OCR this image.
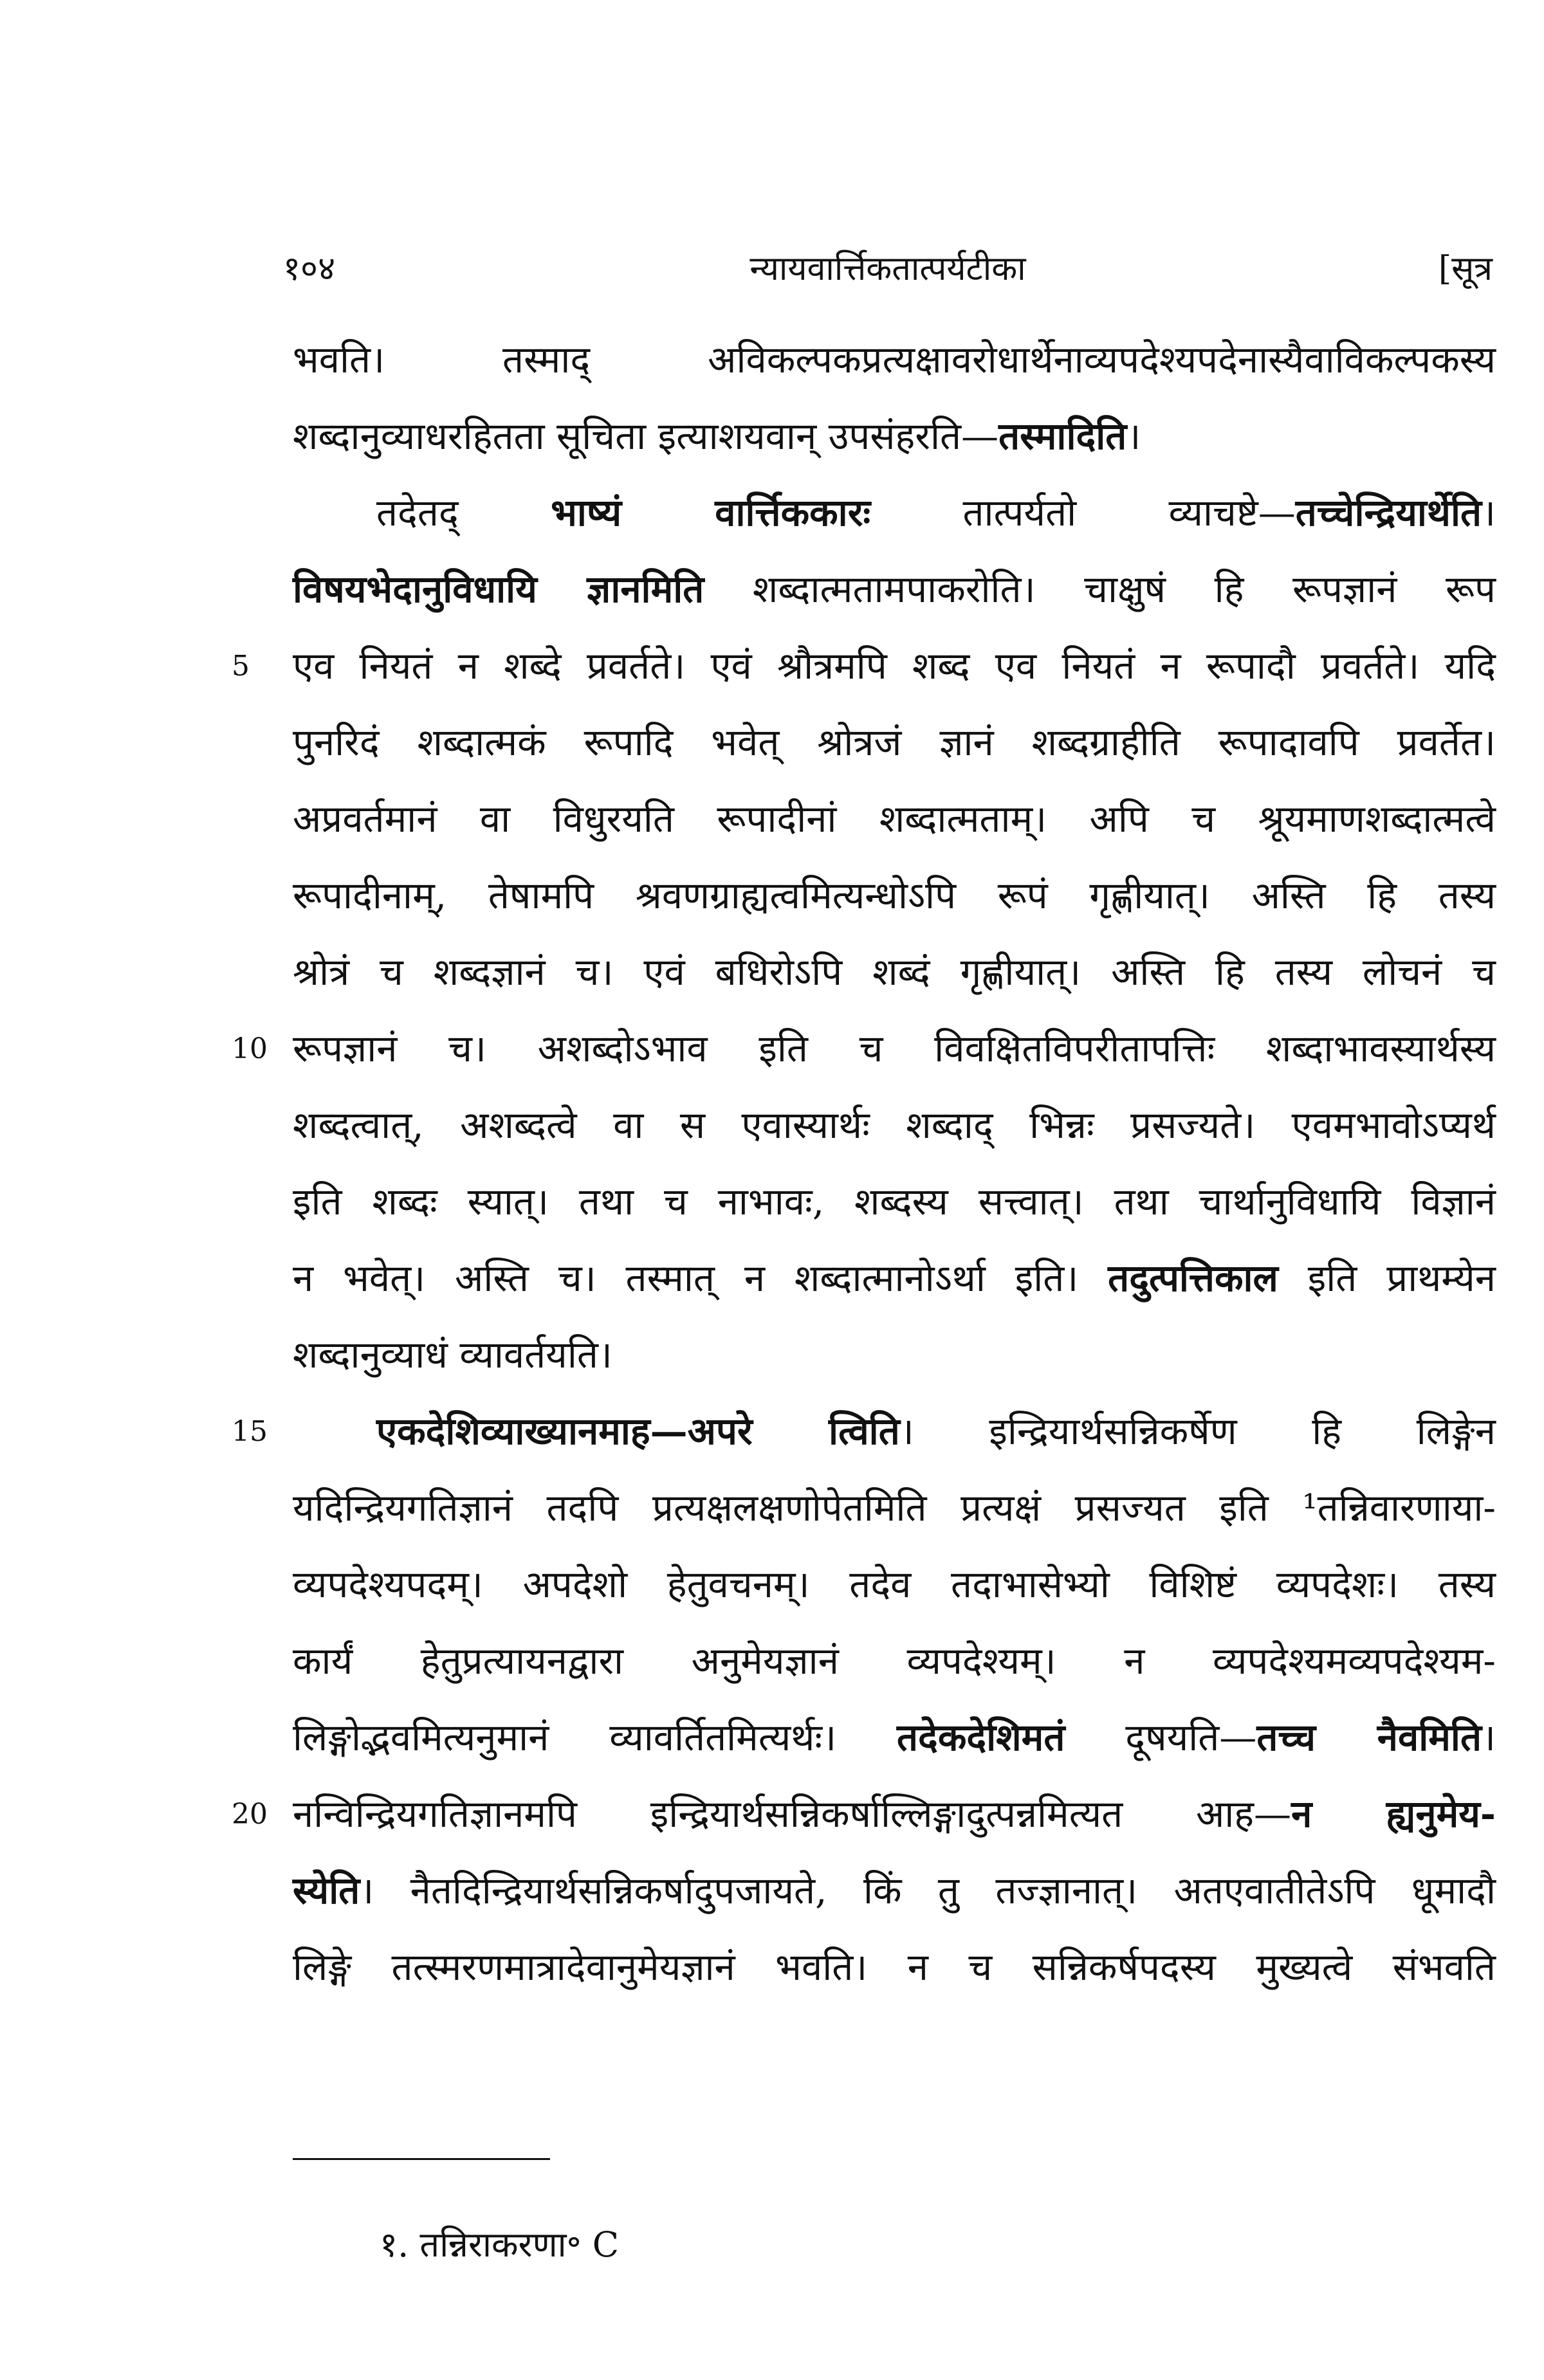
१०४	न्यायवार्त्तिकतात्पर्यटीका	[सूत्र
भवति। तस्माद् अविकल्पकप्रत्यक्षावरोधार्थेनाव्यपदेश्यपदेनास्यैवाविकल्पकस्य
शब्दानुव्याधरहितता सूचिता इत्याशयवान् उपसंहरति—तस्मादिति।
तदेतद् भाष्यं वार्त्तिककारः तात्पर्यतो व्याचष्टे—तच्चेन्द्रियार्थेति।
विषयभेदानुविधायि ज्ञानमिति शब्दात्मतामपाकरोति। चाक्षुषं हि रूपज्ञानं रूप
5	एव नियतं न शब्दे प्रवर्तते। एवं श्रौत्रमपि शब्द एव नियतं न रूपादौ प्रवर्तते। यदि
पुनरिदं शब्दात्मकं रूपादि भवेत् श्रोत्रजं ज्ञानं शब्दग्राहीति रूपादावपि प्रवर्तेत।
अप्रवर्तमानं वा विधुरयति रूपादीनां शब्दात्मताम्। अपि च श्रूयमाणशब्दात्मत्वे
रूपादीनाम्, तेषामपि श्रवणग्राह्यत्वमित्यन्धोऽपि रूपं गृह्णीयात्। अस्ति हि तस्य
श्रोत्रं च शब्दज्ञानं च। एवं बधिरोऽपि शब्दं गृह्णीयात्। अस्ति हि तस्य लोचनं च
10 रूपज्ञानं च। अशब्दोऽभाव इति च विवक्षितविपरीतापत्तिः शब्दाभावस्यार्थस्य
शब्दत्वात्, अशब्दत्वे वा स एवास्यार्थः शब्दाद् भिन्नः प्रसज्यते। एवमभावोऽप्यर्थ
इति शब्दः स्यात्। तथा च नाभावः, शब्दस्य सत्त्वात्। तथा चार्थानुविधायि विज्ञानं
न भवेत्। अस्ति च। तस्मात् न शब्दात्मानोऽर्था इति। तदुत्पत्तिकाल इति प्राथम्येन
शब्दानुव्याधं व्यावर्तयति।
15	एकदेशिव्याख्यानमाह—अपरे त्विति। इन्द्रियार्थसन्निकर्षेण हि लिङ्गेन
यदिन्द्रियगतिज्ञानं तदपि प्रत्यक्षलक्षणोपेतमिति प्रत्यक्षं प्रसज्यत इति ¹तन्निवारणाया-
व्यपदेश्यपदम्। अपदेशो हेतुवचनम्। तदेव तदाभासेभ्यो विशिष्टं व्यपदेशः। तस्य
कार्यं हेतुप्रत्यायनद्वारा अनुमेयज्ञानं व्यपदेश्यम्। न व्यपदेश्यमव्यपदेश्यम-
लिङ्गोद्भवमित्यनुमानं व्यावर्तितमित्यर्थः। तदेकदेशिमतं दूषयति—तच्च नैवमिति।
20 नन्विन्द्रियगतिज्ञानमपि इन्द्रियार्थसन्निकर्षाल्लिङ्गादुत्पन्नमित्यत आह—न ह्यनुमेय-
स्येति। नैतदिन्द्रियार्थसन्निकर्षादुपजायते, किं तु तज्ज्ञानात्। अतएवातीतेऽपि धूमादौ
लिङ्गे तत्स्मरणमात्रादेवानुमेयज्ञानं भवति। न च सन्निकर्षपदस्य मुख्यत्वे संभवति
१. तन्निराकरणा॰ C
